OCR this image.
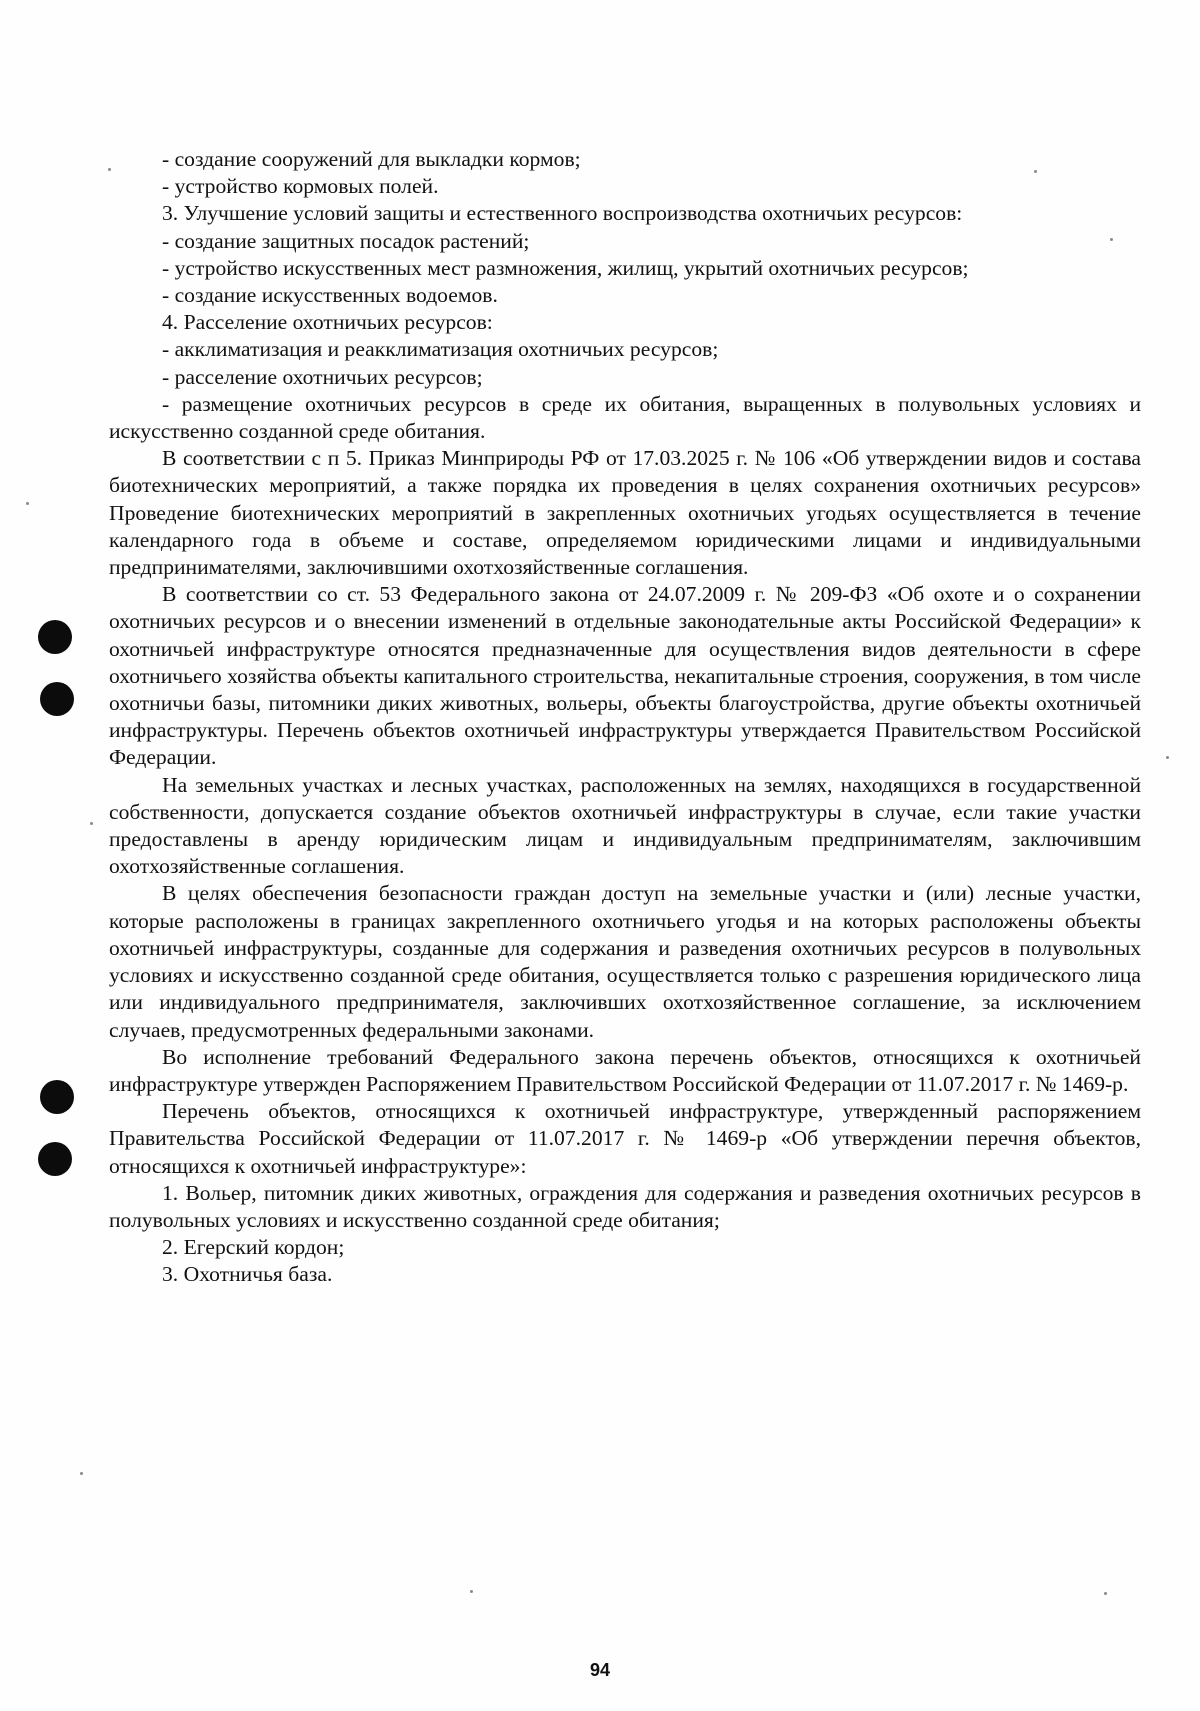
- создание сооружений для выкладки кормов;

- устройство кормовых полей.

3. Улучшение условий защиты и естественного воспроизводства охотничьих ресурсов:

- создание защитных посадок растений;

- устройство искусственных мест размножения, жилищ, укрытий охотничьих ресурсов;

- создание искусственных водоемов.

4. Расселение охотничьих ресурсов:

- акклиматизация и реакклиматизация охотничьих ресурсов;

- расселение охотничьих ресурсов;

- размещение охотничьих ресурсов в среде их обитания, выращенных в полувольных условиях и искусственно созданной среде обитания.

В соответствии с п 5. Приказ Минприроды РФ от 17.03.2025 г. № 106 «Об утверждении видов и состава биотехнических мероприятий, а также порядка их проведения в целях сохранения охотничьих ресурсов» Проведение биотехнических мероприятий в закрепленных охотничьих угодьях осуществляется в течение календарного года в объеме и составе, определяемом юридическими лицами и индивидуальными предпринимателями, заключившими охотхозяйственные соглашения.

В соответствии со ст. 53 Федерального закона от 24.07.2009 г. № 209-ФЗ «Об охоте и о сохранении охотничьих ресурсов и о внесении изменений в отдельные законодательные акты Российской Федерации» к охотничьей инфраструктуре относятся предназначенные для осуществления видов деятельности в сфере охотничьего хозяйства объекты капитального строительства, некапитальные строения, сооружения, в том числе охотничьи базы, питомники диких животных, вольеры, объекты благоустройства, другие объекты охотничьей инфраструктуры. Перечень объектов охотничьей инфраструктуры утверждается Правительством Российской Федерации.

На земельных участках и лесных участках, расположенных на землях, находящихся в государственной собственности, допускается создание объектов охотничьей инфраструктуры в случае, если такие участки предоставлены в аренду юридическим лицам и индивидуальным предпринимателям, заключившим охотхозяйственные соглашения.

В целях обеспечения безопасности граждан доступ на земельные участки и (или) лесные участки, которые расположены в границах закрепленного охотничьего угодья и на которых расположены объекты охотничьей инфраструктуры, созданные для содержания и разведения охотничьих ресурсов в полувольных условиях и искусственно созданной среде обитания, осуществляется только с разрешения юридического лица или индивидуального предпринимателя, заключивших охотхозяйственное соглашение, за исключением случаев, предусмотренных федеральными законами.

Во исполнение требований Федерального закона перечень объектов, относящихся к охотничьей инфраструктуре утвержден Распоряжением Правительством Российской Федерации от 11.07.2017 г. № 1469-р.

Перечень объектов, относящихся к охотничьей инфраструктуре, утвержденный распоряжением Правительства Российской Федерации от 11.07.2017 г. № 1469-р «Об утверждении перечня объектов, относящихся к охотничьей инфраструктуре»:

1. Вольер, питомник диких животных, ограждения для содержания и разведения охотничьих ресурсов в полувольных условиях и искусственно созданной среде обитания;

2. Егерский кордон;

3. Охотничья база.

94
